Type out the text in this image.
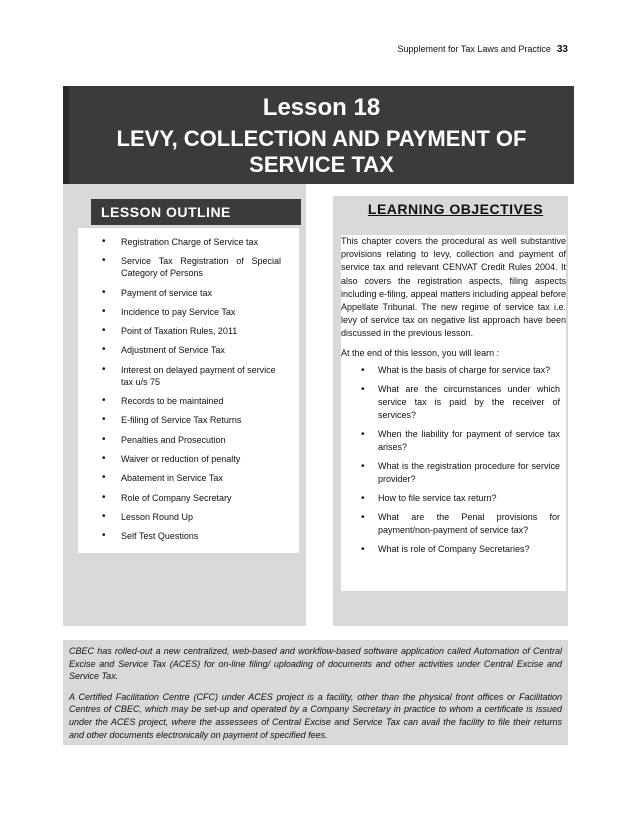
Supplement for Tax Laws and Practice 33
Lesson 18
LEVY, COLLECTION AND PAYMENT OF SERVICE TAX
LESSON OUTLINE
• Registration Charge of Service tax
• Service Tax Registration of Special Category of Persons
• Payment of service tax
• Incidence to pay Service Tax
• Point of Taxation Rules, 2011
• Adjustment of Service Tax
• Interest on delayed payment of service tax u/s 75
• Records to be maintained
• E-filing of Service Tax Returns
• Penalties and Prosecution
• Waiver or reduction of penalty
• Abatement in Service Tax
• Role of Company Secretary
• Lesson Round Up
• Self Test Questions
LEARNING OBJECTIVES

This chapter covers the procedural as well substantive provisions relating to levy, collection and payment of service tax and relevant CENVAT Credit Rules 2004. It also covers the registration aspects, filing aspects including e-filing, appeal matters including appeal before Appellate Tribunal. The new regime of service tax i.e. levy of service tax on negative list approach have been discussed in the previous lesson.

At the end of this lesson, you will learn :

• What is the basis of charge for service tax?
• What are the circumstances under which service tax is paid by the receiver of services?
• When the liability for payment of service tax arises?
• What is the registration procedure for service provider?
• How to file service tax return?
• What are the Penal provisions for payment/non-payment of service tax?
• What is role of Company Secretaries?

CBEC has rolled-out a new centralized, web-based and workflow-based software application called Automation of Central Excise and Service Tax (ACES) for on-line filing/ uploading of documents and other activities under Central Excise and Service Tax.

A Certified Facilitation Centre (CFC) under ACES project is a facility, other than the physical front offices or Facilitation Centres of CBEC, which may be set-up and operated by a Company Secretary in practice to whom a certificate is issued under the ACES project, where the assessees of Central Excise and Service Tax can avail the facility to file their returns and other documents electronically on payment of specified fees.
